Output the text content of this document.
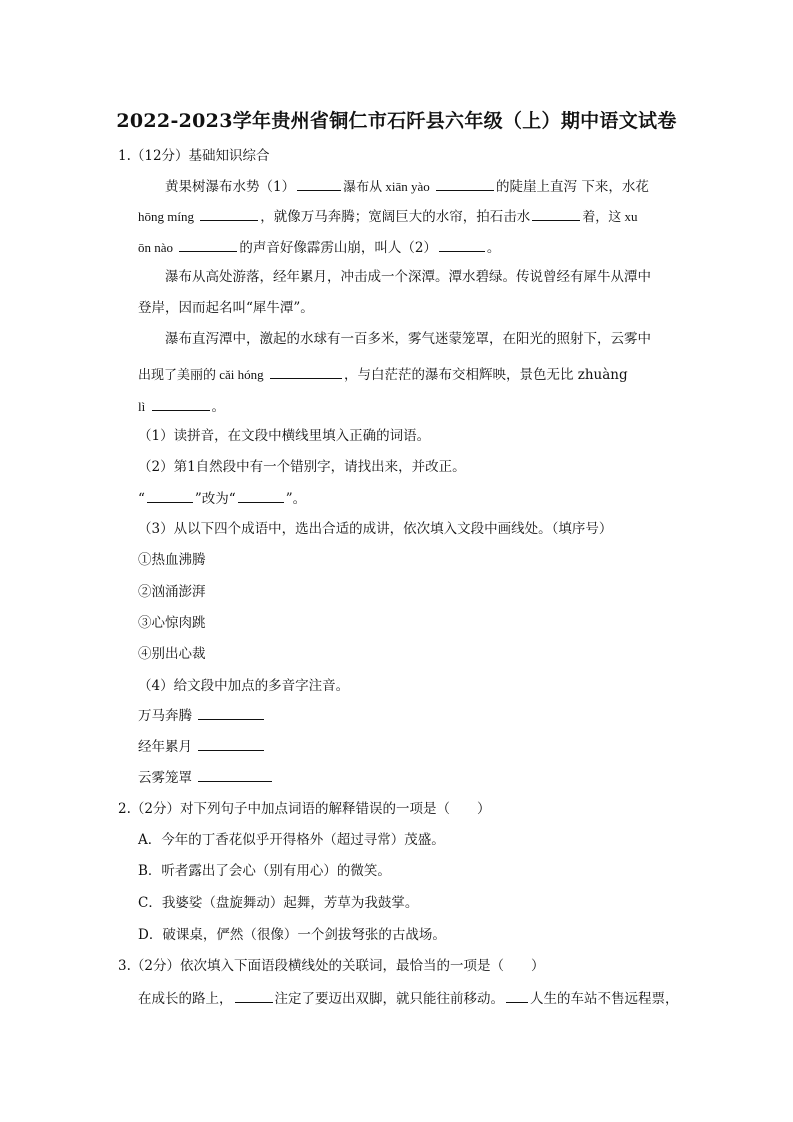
2022-2023学年贵州省铜仁市石阡县六年级（上）期中语文试卷
1.（12分）基础知识综合
黄果树瀑布水势（1）	瀑布从 xiān yào	的陡崖上直泻 下来，水花
hōng míng	，就像万马奔腾；宽阔巨大的水帘，拍石击水	着，这 xu
ōn nào	的声音好像霹雳山崩，叫人（2）	。
瀑布从高处游落，经年累月，冲击成一个深潭。潭水碧绿。传说曾经有犀牛从潭中
登岸，因而起名叫“犀牛潭”。
瀑布直泻潭中，激起的水球有一百多米，雾气迷蒙笼罩，在阳光的照射下，云雾中
出现了美丽的 cǎi hóng	，与白茫茫的瀑布交相辉映，景色无比 zhuàng
lì	。
（1）读拼音，在文段中横线里填入正确的词语。
（2）第1自然段中有一个错别字，请找出来，并改正。
“	”改为“	”。
（3）从以下四个成语中，选出合适的成讲，依次填入文段中画线处。（填序号）
①热血沸腾
②汹涌澎湃
③心惊肉跳
④别出心裁
（4）给文段中加点的多音字注音。
万马奔腾
经年累月
云雾笼罩
2.（2分）对下列句子中加点词语的解释错误的一项是（　　）
A．今年的丁香花似乎开得格外（超过寻常）茂盛。
B．听者露出了会心（别有用心）的微笑。
C．我婆娑（盘旋舞动）起舞，芳草为我鼓掌。
D．破课桌，俨然（很像）一个剑拔弩张的古战场。
3.（2分）依次填入下面语段横线处的关联词，最恰当的一项是（　　）
在成长的路上，	注定了要迈出双脚，就只能往前移动。 人生的车站不售远程票，
